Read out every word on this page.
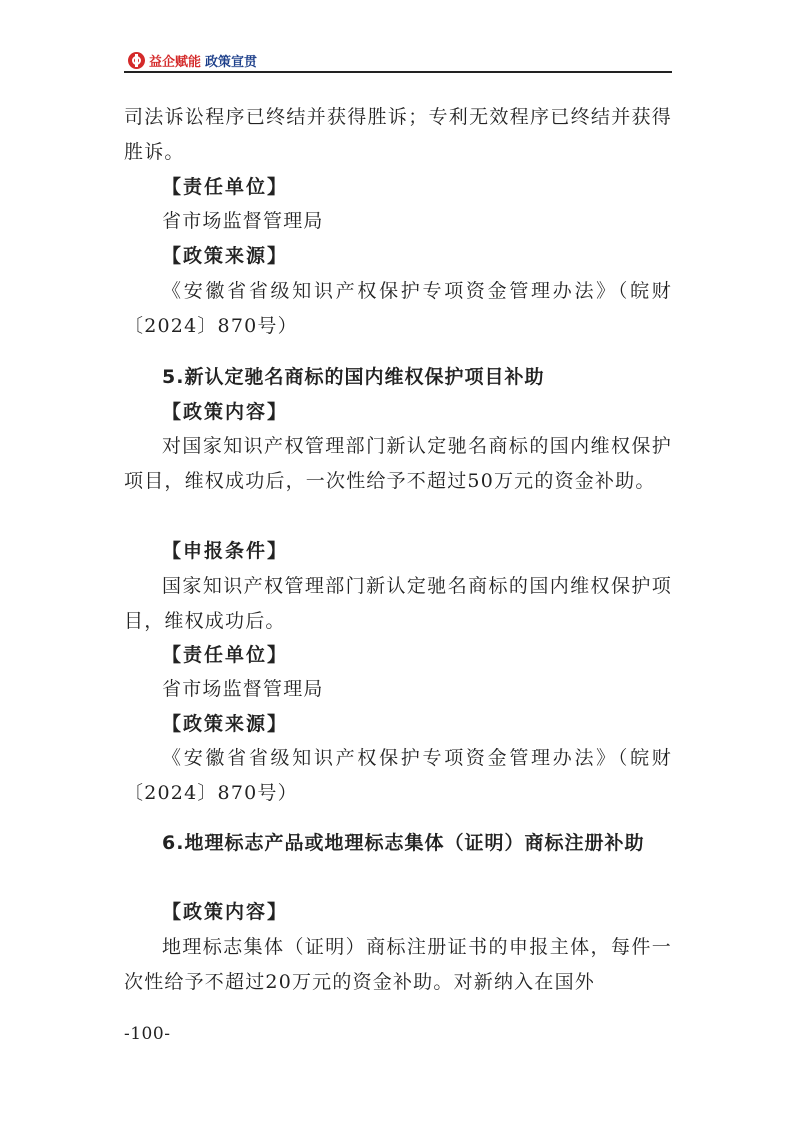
益企赋能 政策宣贯

司法诉讼程序已终结并获得胜诉；专利无效程序已终结并获得胜诉。

【责任单位】

省市场监督管理局

【政策来源】

《安徽省省级知识产权保护专项资金管理办法》（皖财〔2024〕870号）

5.新认定驰名商标的国内维权保护项目补助

【政策内容】

对国家知识产权管理部门新认定驰名商标的国内维权保护项目，维权成功后，一次性给予不超过50万元的资金补助。

【申报条件】

国家知识产权管理部门新认定驰名商标的国内维权保护项目，维权成功后。

【责任单位】

省市场监督管理局

【政策来源】

《安徽省省级知识产权保护专项资金管理办法》（皖财〔2024〕870号）

6.地理标志产品或地理标志集体（证明）商标注册补助

【政策内容】

地理标志集体（证明）商标注册证书的申报主体，每件一次性给予不超过20万元的资金补助。对新纳入在国外

-100-
